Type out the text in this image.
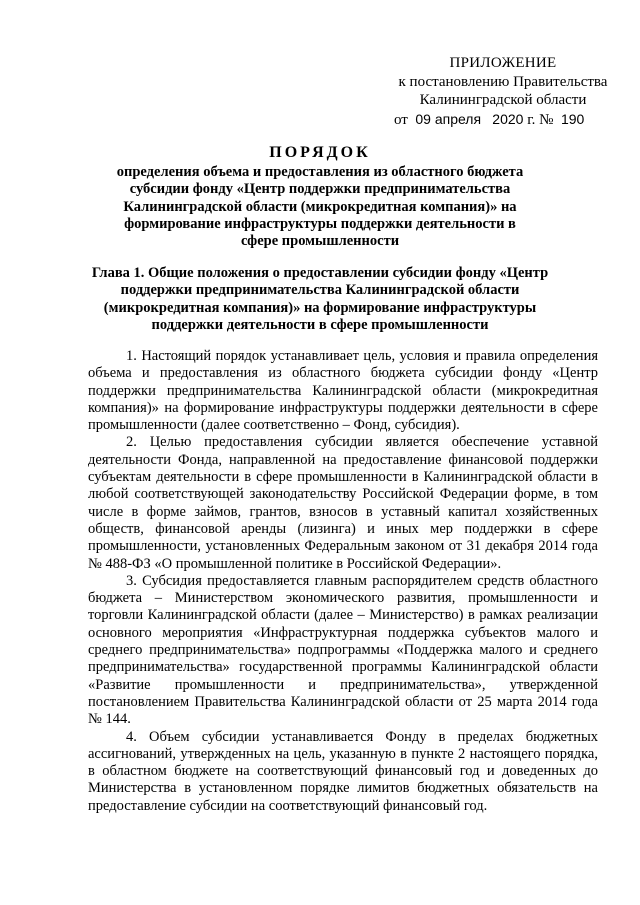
ПРИЛОЖЕНИЕ
к постановлению Правительства
Калининградской области
от 09 апреля 2020 г. № 190
ПОРЯДОК
определения объема и предоставления из областного бюджета субсидии фонду «Центр поддержки предпринимательства Калининградской области (микрокредитная компания)» на формирование инфраструктуры поддержки деятельности в сфере промышленности
Глава 1. Общие положения о предоставлении субсидии фонду «Центр поддержки предпринимательства Калининградской области (микрокредитная компания)» на формирование инфраструктуры поддержки деятельности в сфере промышленности

1. Настоящий порядок устанавливает цель, условия и правила определения объема и предоставления из областного бюджета субсидии фонду «Центр поддержки предпринимательства Калининградской области (микрокредитная компания)» на формирование инфраструктуры поддержки деятельности в сфере промышленности (далее соответственно – Фонд, субсидия).

2. Целью предоставления субсидии является обеспечение уставной деятельности Фонда, направленной на предоставление финансовой поддержки субъектам деятельности в сфере промышленности в Калининградской области в любой соответствующей законодательству Российской Федерации форме, в том числе в форме займов, грантов, взносов в уставный капитал хозяйственных обществ, финансовой аренды (лизинга) и иных мер поддержки в сфере промышленности, установленных Федеральным законом от 31 декабря 2014 года № 488-ФЗ «О промышленной политике в Российской Федерации».

3. Субсидия предоставляется главным распорядителем средств областного бюджета – Министерством экономического развития, промышленности и торговли Калининградской области (далее – Министерство) в рамках реализации основного мероприятия «Инфраструктурная поддержка субъектов малого и среднего предпринимательства» подпрограммы «Поддержка малого и среднего предпринимательства» государственной программы Калининградской области «Развитие промышленности и предпринимательства», утвержденной постановлением Правительства Калининградской области от 25 марта 2014 года № 144.

4. Объем субсидии устанавливается Фонду в пределах бюджетных ассигнований, утвержденных на цель, указанную в пункте 2 настоящего порядка, в областном бюджете на соответствующий финансовый год и доведенных до Министерства в установленном порядке лимитов бюджетных обязательств на предоставление субсидии на соответствующий финансовый год.
